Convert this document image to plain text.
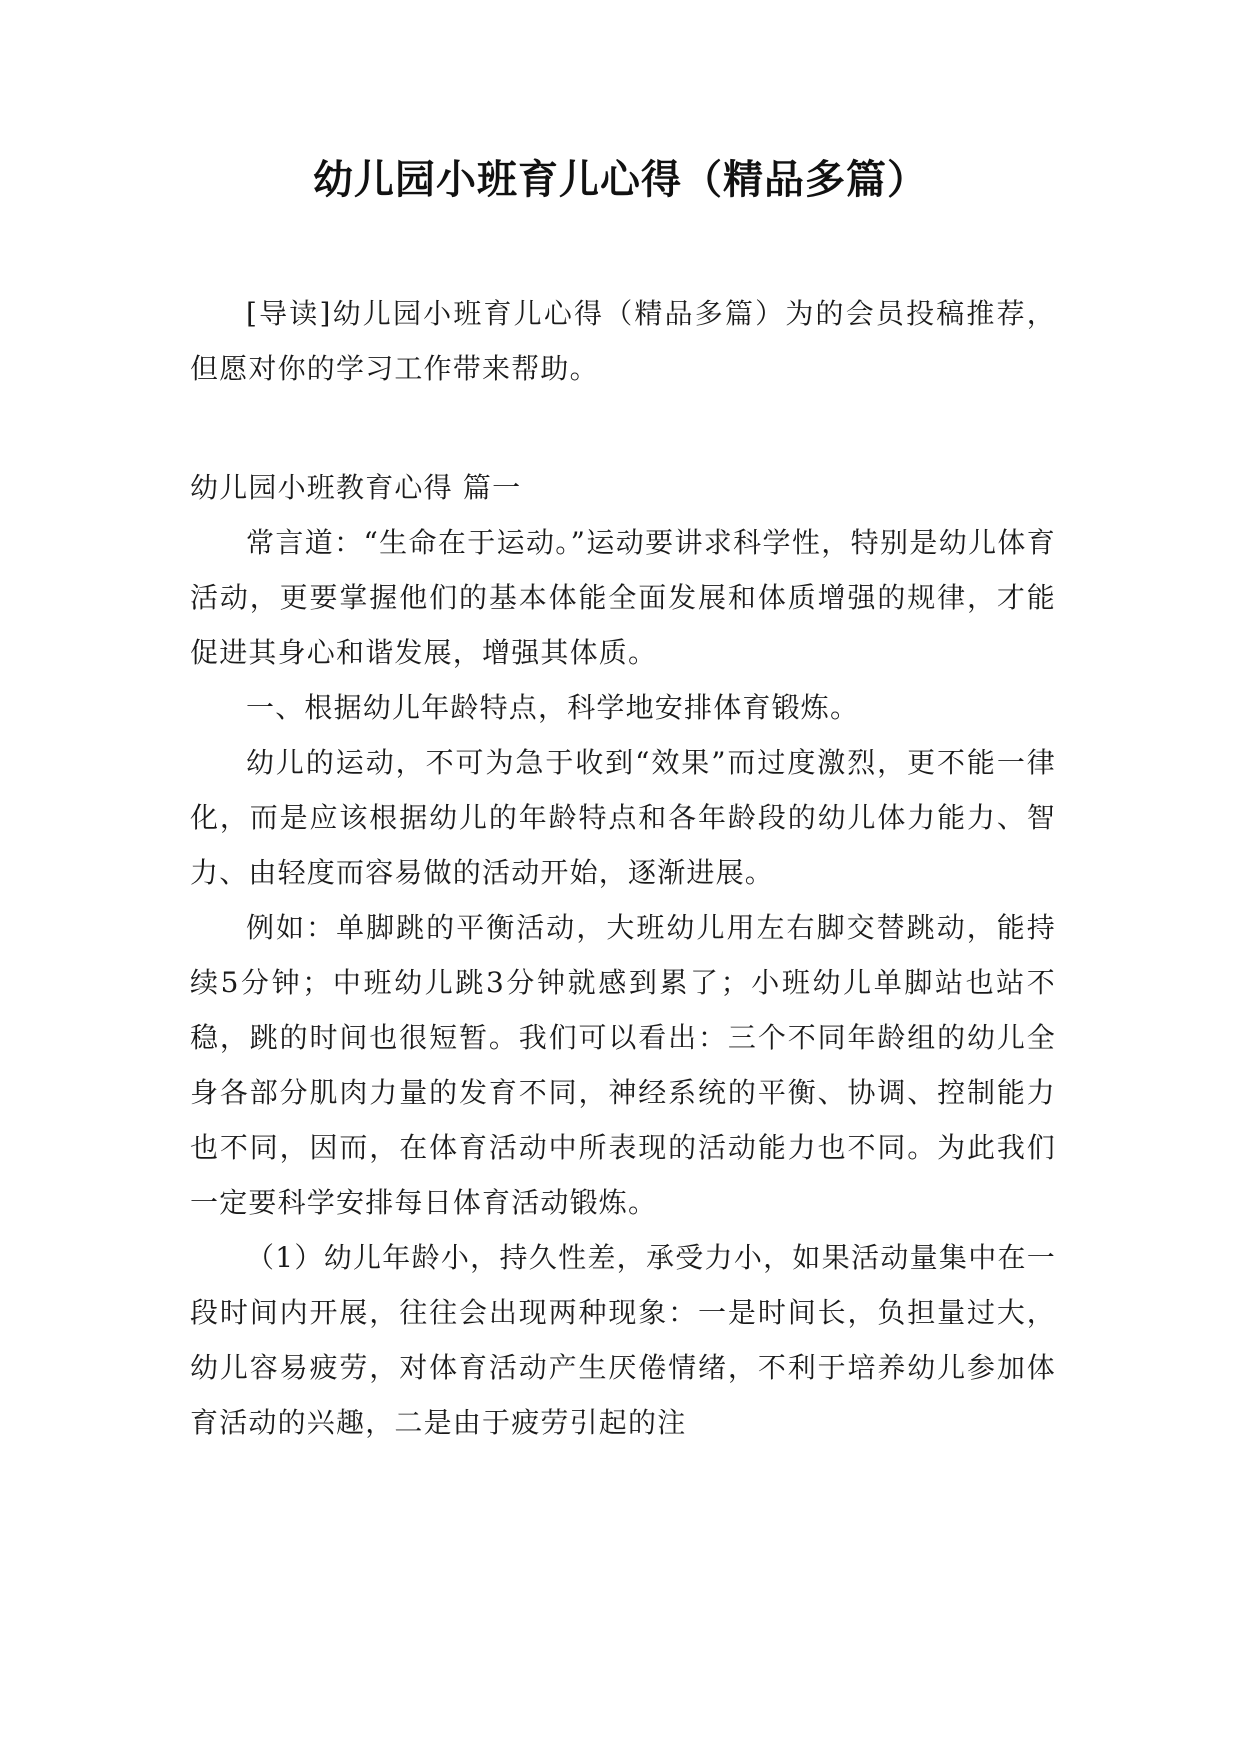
幼儿园小班育儿心得（精品多篇）

[导读]幼儿园小班育儿心得（精品多篇）为的会员投稿推荐，但愿对你的学习工作带来帮助。

幼儿园小班教育心得 篇一

常言道：“生命在于运动。”运动要讲求科学性，特别是幼儿体育活动，更要掌握他们的基本体能全面发展和体质增强的规律，才能促进其身心和谐发展，增强其体质。

一、根据幼儿年龄特点，科学地安排体育锻炼。

幼儿的运动，不可为急于收到“效果”而过度激烈，更不能一律化，而是应该根据幼儿的年龄特点和各年龄段的幼儿体力能力、智力、由轻度而容易做的活动开始，逐渐进展。

例如：单脚跳的平衡活动，大班幼儿用左右脚交替跳动，能持续5分钟；中班幼儿跳3分钟就感到累了；小班幼儿单脚站也站不稳，跳的时间也很短暂。我们可以看出：三个不同年龄组的幼儿全身各部分肌肉力量的发育不同，神经系统的平衡、协调、控制能力也不同，因而，在体育活动中所表现的活动能力也不同。为此我们一定要科学安排每日体育活动锻炼。

（1）幼儿年龄小，持久性差，承受力小，如果活动量集中在一段时间内开展，往往会出现两种现象：一是时间长，负担量过大，幼儿容易疲劳，对体育活动产生厌倦情绪，不利于培养幼儿参加体育活动的兴趣，二是由于疲劳引起的注
